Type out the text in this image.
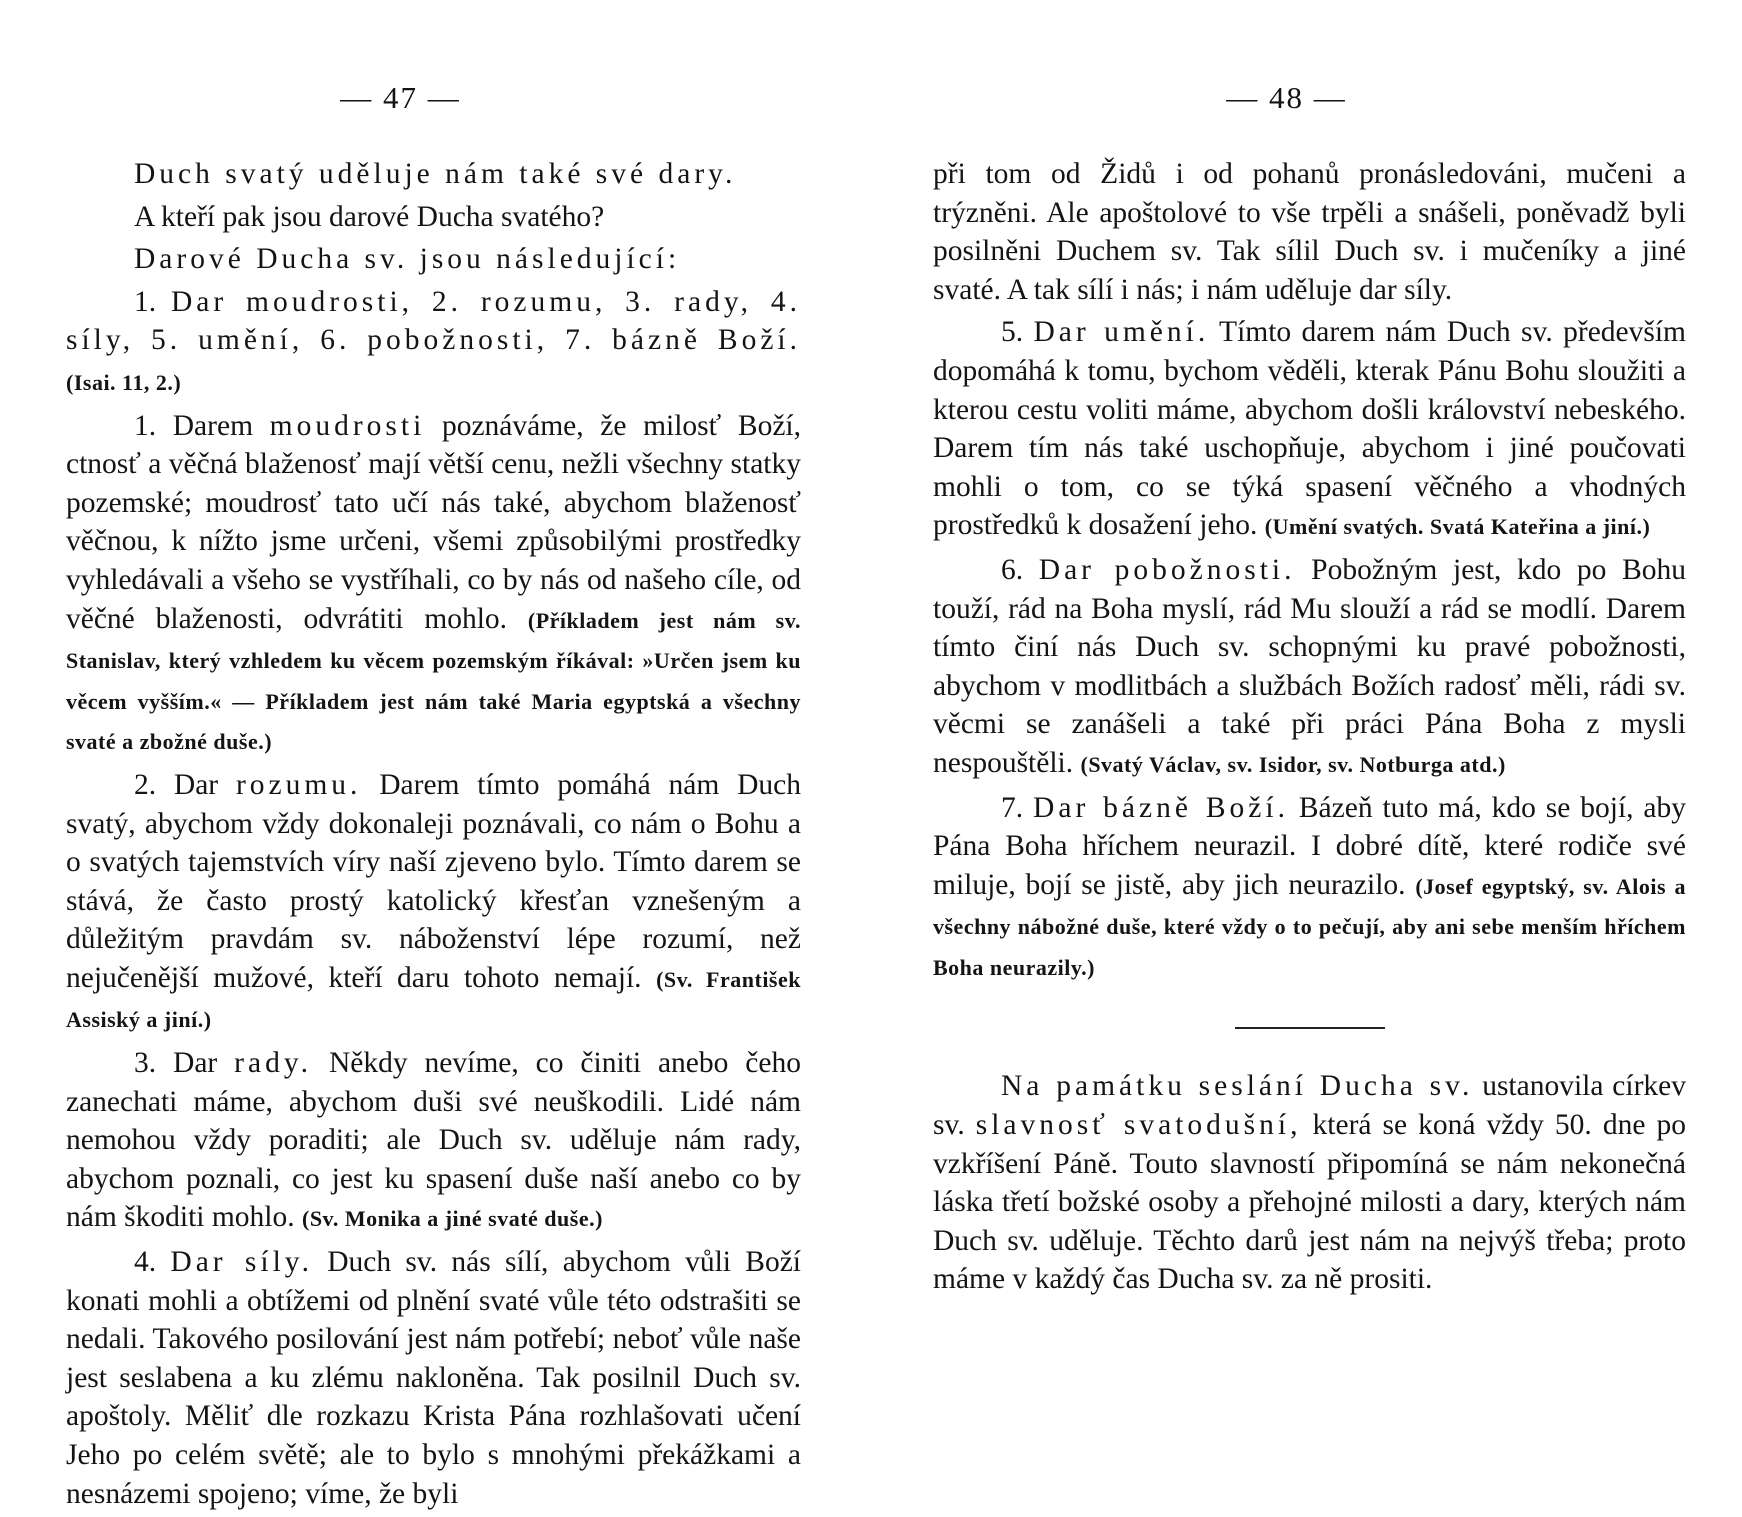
— 47 —

Duch svatý uděluje nám také své dary.

A kteří pak jsou darové Ducha svatého?

Darové Ducha sv. jsou následující:

1. Dar moudrosti, 2. rozumu, 3. rady, 4. síly, 5. umění, 6. pobožnosti, 7. bázně Boží. (Isai. 11, 2.)

1. Darem moudrosti poznáváme, že milosť Boží, ctnosť a věčná blaženosť mají větší cenu, nežli všechny statky pozemské; moudrosť tato učí nás také, abychom blaženosť věčnou, k nížto jsme určeni, všemi způsobilými prostředky vyhledávali a všeho se vystříhali, co by nás od našeho cíle, od věčné blaženosti, odvrátiti mohlo. (Příkladem jest nám sv. Stanislav, který vzhledem ku věcem pozemským říkával: »Určen jsem ku věcem vyšším.« — Příkladem jest nám také Maria egyptská a všechny svaté a zbožné duše.)

2. Dar rozumu. Darem tímto pomáhá nám Duch svatý, abychom vždy dokonaleji poznávali, co nám o Bohu a o svatých tajemstvích víry naší zjeveno bylo. Tímto darem se stává, že často prostý katolický křesťan vznešeným a důležitým pravdám sv. náboženství lépe rozumí, než nejučenější mužové, kteří daru tohoto nemají. (Sv. František Assiský a jiní.)

3. Dar rady. Někdy nevíme, co činiti anebo čeho zanechati máme, abychom duši své neuškodili. Lidé nám nemohou vždy poraditi; ale Duch sv. uděluje nám rady, abychom poznali, co jest ku spasení duše naší anebo co by nám škoditi mohlo. (Sv. Monika a jiné svaté duše.)

4. Dar síly. Duch sv. nás sílí, abychom vůli Boží konati mohli a obtížemi od plnění svaté vůle této odstrašiti se nedali. Takového posilování jest nám potřebí; neboť vůle naše jest seslabena a ku zlému nakloněna. Tak posilnil Duch sv. apoštoly. Měliť dle rozkazu Krista Pána rozhlašovati učení Jeho po celém světě; ale to bylo s mnohými překážkami a nesnázemi spojeno; víme, že byli

— 48 —

při tom od Židů i od pohanů pronásledováni, mučeni a trýzněni. Ale apoštolové to vše trpěli a snášeli, poněvadž byli posilněni Duchem sv. Tak sílil Duch sv. i mučeníky a jiné svaté. A tak sílí i nás; i nám uděluje dar síly.

5. Dar umění. Tímto darem nám Duch sv. především dopomáhá k tomu, bychom věděli, kterak Pánu Bohu sloužiti a kterou cestu voliti máme, abychom došli království nebeského. Darem tím nás také uschopňuje, abychom i jiné poučovati mohli o tom, co se týká spasení věčného a vhodných prostředků k dosažení jeho. (Umění svatých. Svatá Kateřina a jiní.)

6. Dar pobožnosti. Pobožným jest, kdo po Bohu touží, rád na Boha myslí, rád Mu slouží a rád se modlí. Darem tímto činí nás Duch sv. schopnými ku pravé pobožnosti, abychom v modlitbách a službách Božích radosť měli, rádi sv. věcmi se zanášeli a také při práci Pána Boha z mysli nespouštěli. (Svatý Václav, sv. Isidor, sv. Notburga atd.)

7. Dar bázně Boží. Bázeň tuto má, kdo se bojí, aby Pána Boha hříchem neurazil. I dobré dítě, které rodiče své miluje, bojí se jistě, aby jich neurazilo. (Josef egyptský, sv. Alois a všechny nábožné duše, které vždy o to pečují, aby ani sebe menším hříchem Boha neurazily.)

Na památku seslání Ducha sv. ustanovila církev sv. slavnosť svatodušní, která se koná vždy 50. dne po vzkříšení Páně. Touto slavností připomíná se nám nekonečná láska třetí božské osoby a přehojné milosti a dary, kterých nám Duch sv. uděluje. Těchto darů jest nám na nejvýš třeba; proto máme v každý čas Ducha sv. za ně prositi.
